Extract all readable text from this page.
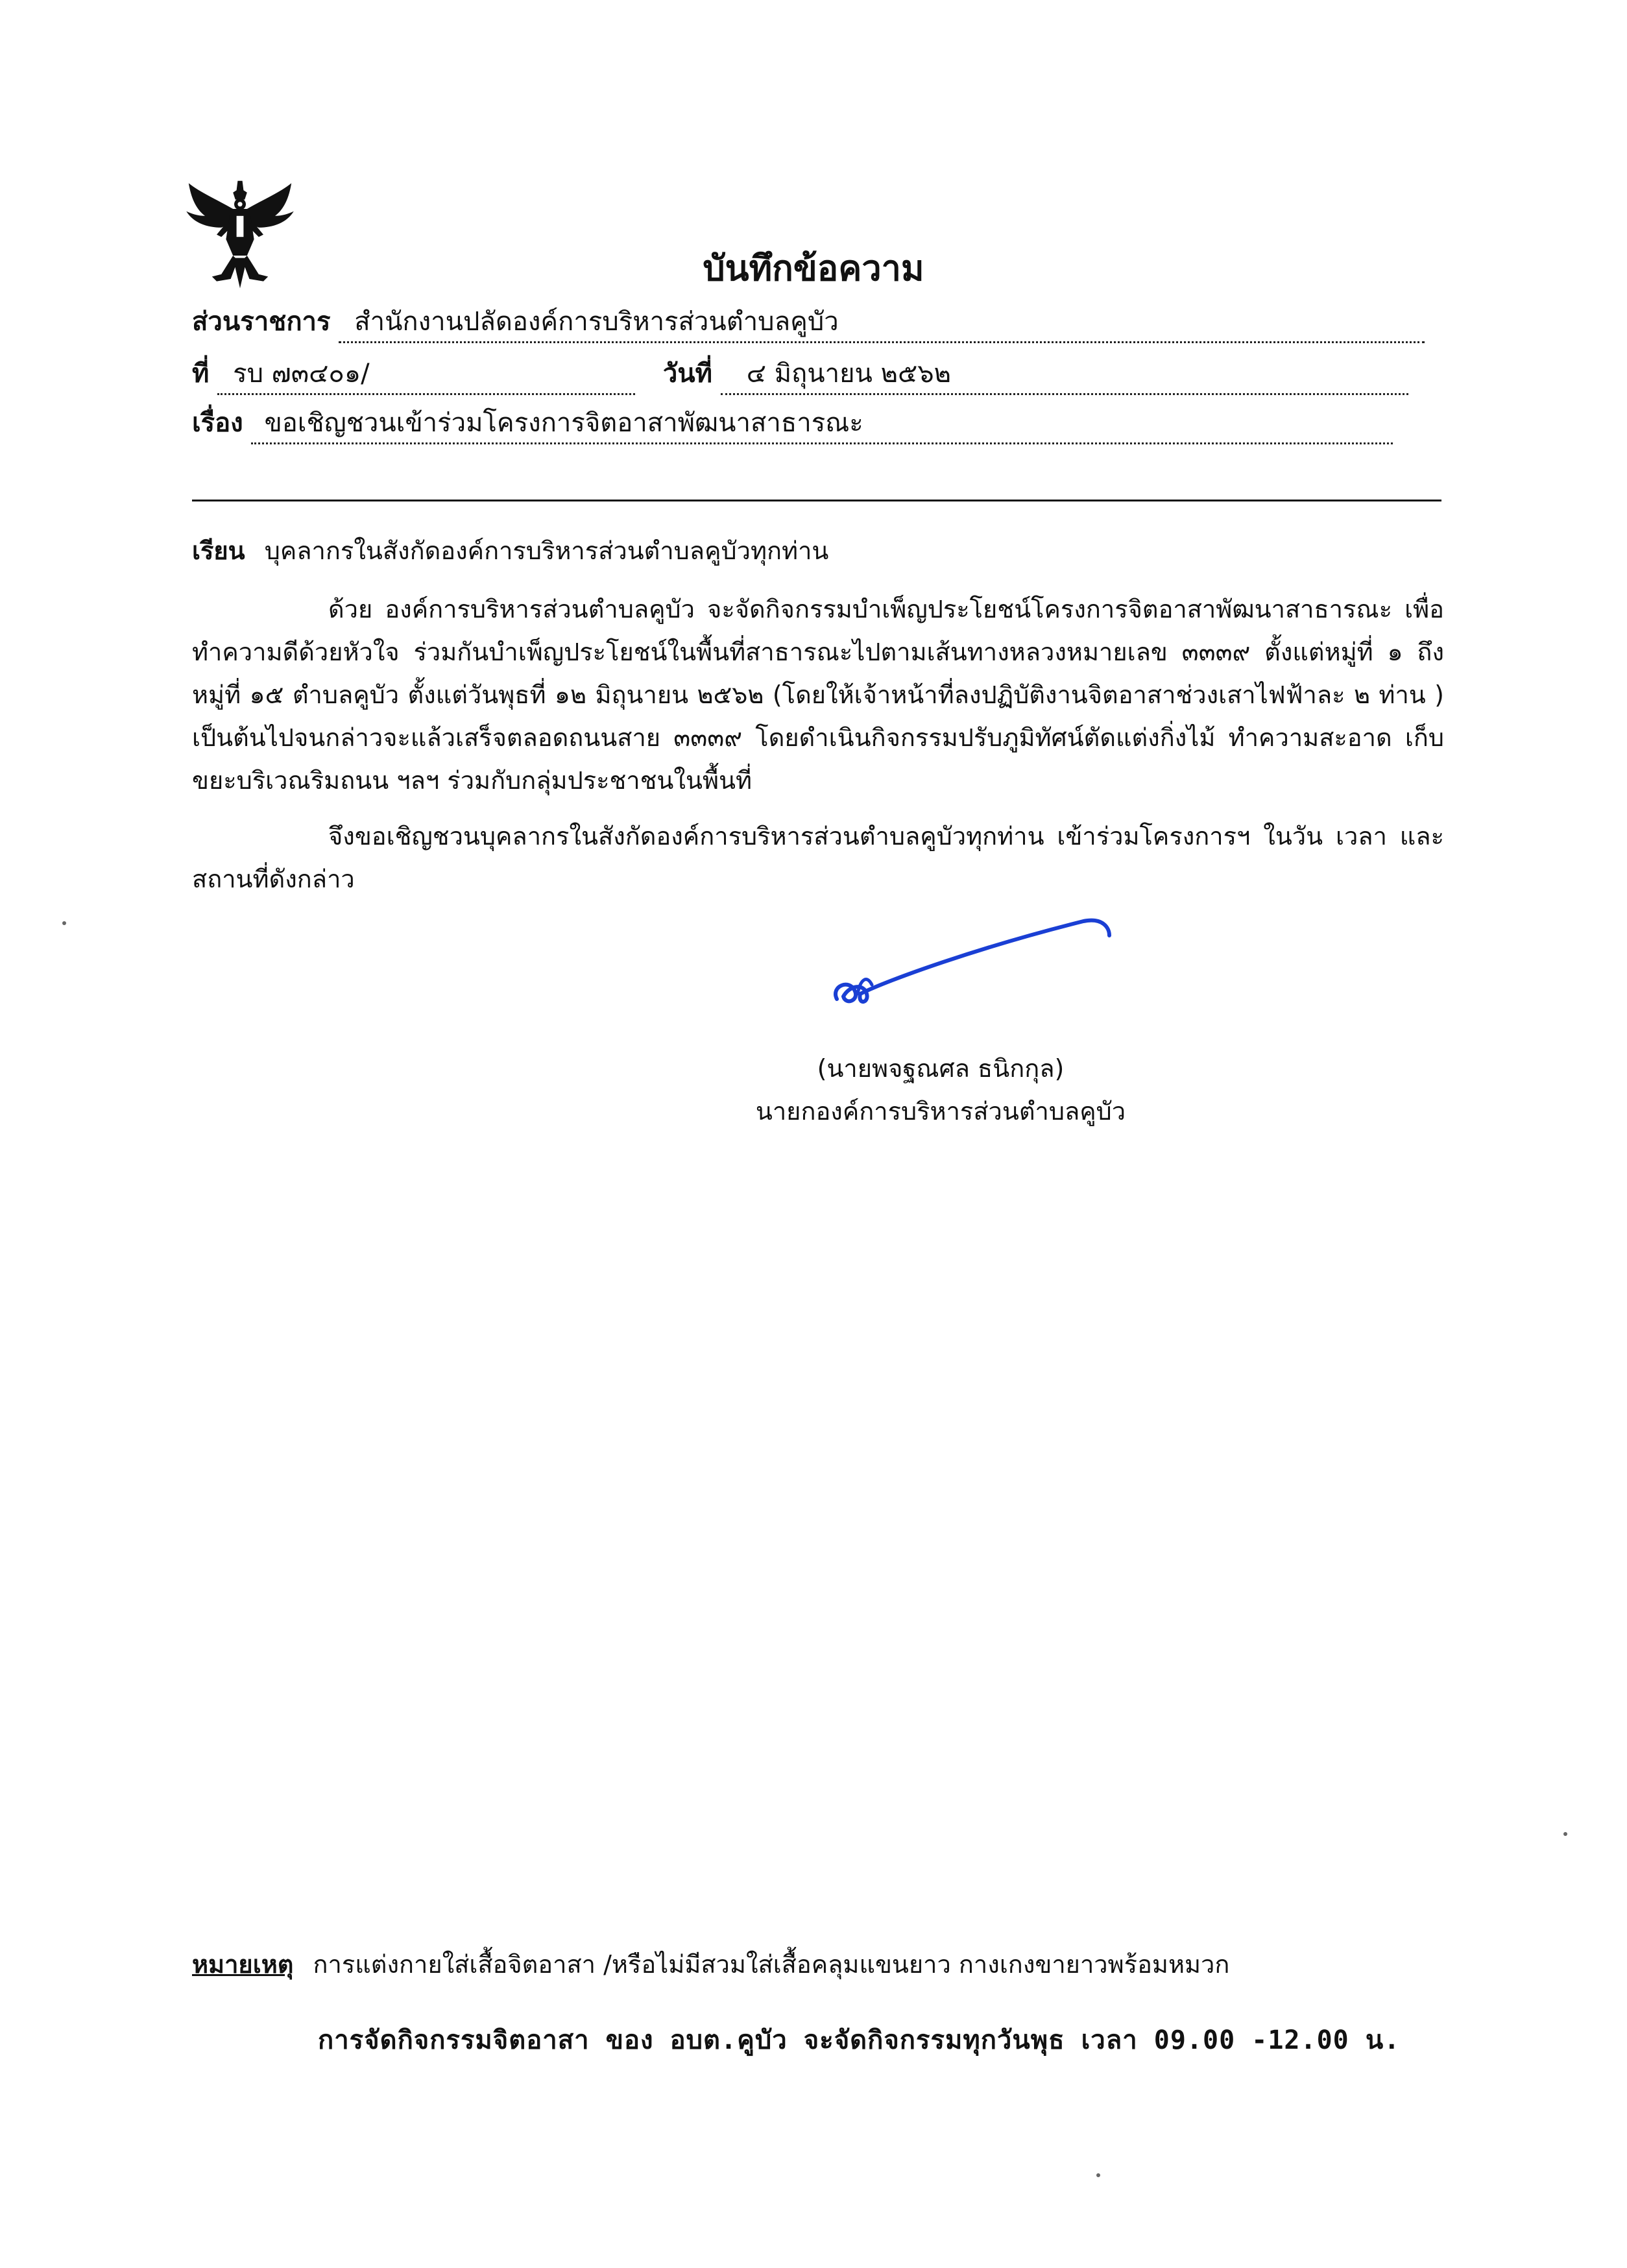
บันทึกข้อความ
ส่วนราชการ สำนักงานปลัดองค์การบริหารส่วนตำบลคูบัว
ที่ รบ ๗๓๔๐๑/	วันที่ ๔ มิถุนายน ๒๕๖๒
เรื่อง ขอเชิญชวนเข้าร่วมโครงการจิตอาสาพัฒนาสาธารณะ
เรียน บุคลากรในสังกัดองค์การบริหารส่วนตำบลคูบัวทุกท่าน

ด้วย องค์การบริหารส่วนตำบลคูบัว จะจัดกิจกรรมบำเพ็ญประโยชน์โครงการจิตอาสาพัฒนาสาธารณะ เพื่อทำความดีด้วยหัวใจ ร่วมกันบำเพ็ญประโยชน์ในพื้นที่สาธารณะไปตามเส้นทางหลวงหมายเลข ๓๓๓๙ ตั้งแต่หมู่ที่ ๑ ถึงหมู่ที่ ๑๕ ตำบลคูบัว ตั้งแต่วันพุธที่ ๑๒ มิถุนายน ๒๕๖๒ (โดยให้เจ้าหน้าที่ลงปฏิบัติงานจิตอาสาช่วงเสาไฟฟ้าละ ๒ ท่าน ) เป็นต้นไปจนกล่าวจะแล้วเสร็จตลอดถนนสาย ๓๓๓๙ โดยดำเนินกิจกรรมปรับภูมิทัศน์ตัดแต่งกิ่งไม้ ทำความสะอาด เก็บขยะบริเวณริมถนน ฯลฯ ร่วมกับกลุ่มประชาชนในพื้นที่

จึงขอเชิญชวนบุคลากรในสังกัดองค์การบริหารส่วนตำบลคูบัวทุกท่าน เข้าร่วมโครงการฯ ในวัน เวลา และสถานที่ดังกล่าว

(นายพจฐณศล ธนิกกุล)
นายกองค์การบริหารส่วนตำบลคูบัว
หมายเหตุ การแต่งกายใส่เสื้อจิตอาสา /หรือไม่มีสวมใส่เสื้อคลุมแขนยาว กางเกงขายาวพร้อมหมวก
การจัดกิจกรรมจิตอาสา ของ อบต.คูบัว จะจัดกิจกรรมทุกวันพุธ เวลา 09.00 -12.00 น.
